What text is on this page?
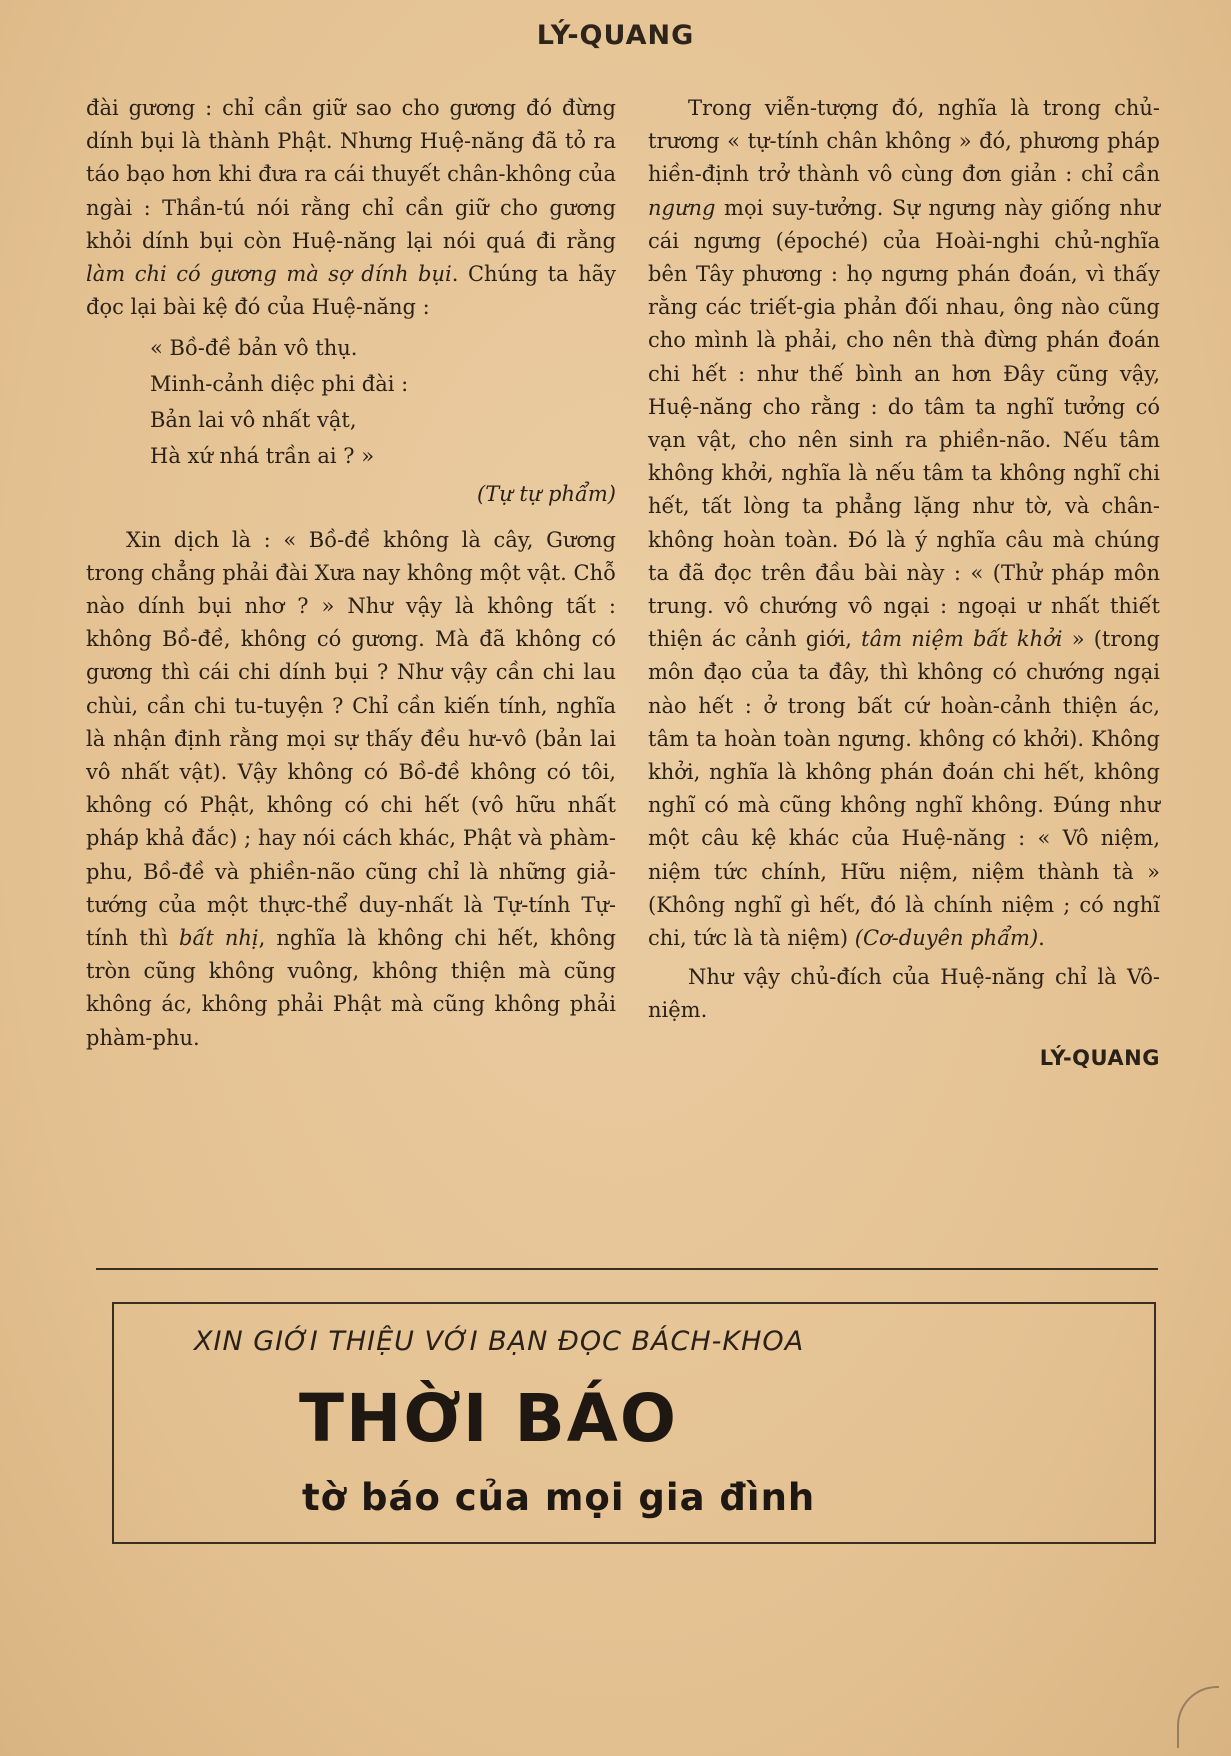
LÝ-QUANG

đài gương : chỉ cần giữ sao cho gương đó đừng dính bụi là thành Phật. Nhưng Huệ-năng đã tỏ ra táo bạo hơn khi đưa ra cái thuyết chân-không của ngài : Thần-tú nói rằng chỉ cần giữ cho gương khỏi dính bụi còn Huệ-năng lại nói quá đi rằng làm chi có gương mà sợ dính bụi. Chúng ta hãy đọc lại bài kệ đó của Huệ-năng :

« Bồ-đề bản vô thụ.
Minh-cảnh diệc phi đài :
Bản lai vô nhất vật,
Hà xứ nhá trần ai ? »
(Tự tự phẩm)

Xin dịch là : « Bồ-đề không là cây, Gương trong chẳng phải đài Xưa nay không một vật. Chỗ nào dính bụi nhơ ? » Như vậy là không tất : không Bồ-đề, không có gương. Mà đã không có gương thì cái chi dính bụi ? Như vậy cần chi lau chùi, cần chi tu-tuyện ? Chỉ cần kiến tính, nghĩa là nhận định rằng mọi sự thấy đều hư-vô (bản lai vô nhất vật). Vậy không có Bồ-đề không có tôi, không có Phật, không có chi hết (vô hữu nhất pháp khả đắc) ; hay nói cách khác, Phật và phàm-phu, Bồ-đề và phiền-não cũng chỉ là những giả-tướng của một thực-thể duy-nhất là Tự-tính Tự-tính thì bất nhị, nghĩa là không chi hết, không tròn cũng không vuông, không thiện mà cũng không ác, không phải Phật mà cũng không phải phàm-phu.

Trong viễn-tượng đó, nghĩa là trong chủ-trương « tự-tính chân không » đó, phương pháp hiền-định trở thành vô cùng đơn giản : chỉ cần ngưng mọi suy-tưởng. Sự ngưng này giống như cái ngưng (époché) của Hoài-nghi chủ-nghĩa bên Tây phương : họ ngưng phán đoán, vì thấy rằng các triết-gia phản đối nhau, ông nào cũng cho mình là phải, cho nên thà đừng phán đoán chi hết : như thế bình an hơn Đây cũng vậy, Huệ-năng cho rằng : do tâm ta nghĩ tưởng có vạn vật, cho nên sinh ra phiền-não. Nếu tâm không khởi, nghĩa là nếu tâm ta không nghĩ chi hết, tất lòng ta phẳng lặng như tờ, và chân-không hoàn toàn. Đó là ý nghĩa câu mà chúng ta đã đọc trên đầu bài này : « (Thử pháp môn trung. vô chướng vô ngại : ngoại ư nhất thiết thiện ác cảnh giới, tâm niệm bất khởi » (trong môn đạo của ta đây, thì không có chướng ngại nào hết : ở trong bất cứ hoàn-cảnh thiện ác, tâm ta hoàn toàn ngưng. không có khởi). Không khởi, nghĩa là không phán đoán chi hết, không nghĩ có mà cũng không nghĩ không. Đúng như một câu kệ khác của Huệ-năng : « Vô niệm, niệm tức chính, Hữu niệm, niệm thành tà » (Không nghĩ gì hết, đó là chính niệm ; có nghĩ chi, tức là tà niệm) (Cơ-duyên phẩm).

Như vậy chủ-đích của Huệ-năng chỉ là Vô-niệm.

LÝ-QUANG
XIN GIỚI THIỆU VỚI BẠN ĐỌC BÁCH-KHOA
THỜI BÁO
tờ báo của mọi gia đình
